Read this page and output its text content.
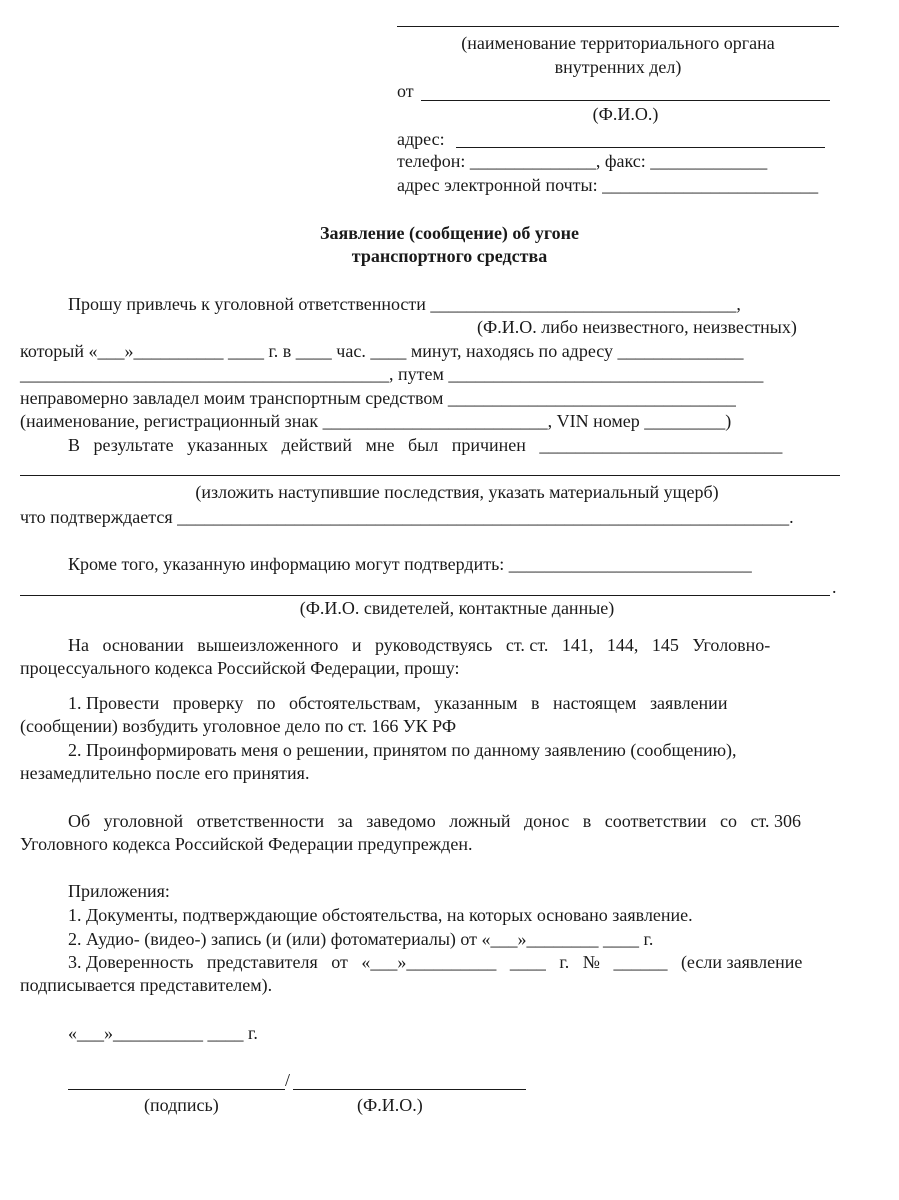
(наименование территориального органа
внутренних дел)
от
(Ф.И.О.)
адрес:
телефон: ______________, факс: _____________
адрес электронной почты: ________________________
Заявление (сообщение) об угоне
транспортного средства
Прошу привлечь к уголовной ответственности __________________________________,
(Ф.И.О. либо неизвестного, неизвестных)
который «___»__________ ____ г. в ____ час. ____ минут, находясь по адресу ______________
_________________________________________, путем ___________________________________
неправомерно завладел моим транспортным средством ________________________________
(наименование, регистрационный знак _________________________, VIN номер _________)
В   результате   указанных   действий   мне   был   причинен   ___________________________
(изложить наступившие последствия, указать материальный ущерб)
что подтверждается ____________________________________________________________________.
Кроме того, указанную информацию могут подтвердить: ___________________________
.
(Ф.И.О. свидетелей, контактные данные)
На   основании   вышеизложенного   и   руководствуясь   ст. ст.   141,   144,   145   Уголовно-
процессуального кодекса Российской Федерации, прошу:
1. Провести   проверку   по   обстоятельствам,   указанным   в   настоящем   заявлении
(сообщении) возбудить уголовное дело по ст. 166 УК РФ
2. Проинформировать меня о решении, принятом по данному заявлению (сообщению),
незамедлительно после его принятия.
Об   уголовной   ответственности   за   заведомо   ложный   донос   в   соответствии   со   ст. 306
Уголовного кодекса Российской Федерации предупрежден.
Приложения:
1. Документы, подтверждающие обстоятельства, на которых основано заявление.
2. Аудио- (видео-) запись (и (или) фотоматериалы) от «___»________ ____ г.
3. Доверенность   представителя   от   «___»__________   ____   г.   №   ______   (если заявление
подписывается представителем).
«___»__________ ____ г.
/
(подпись)	(Ф.И.О.)
